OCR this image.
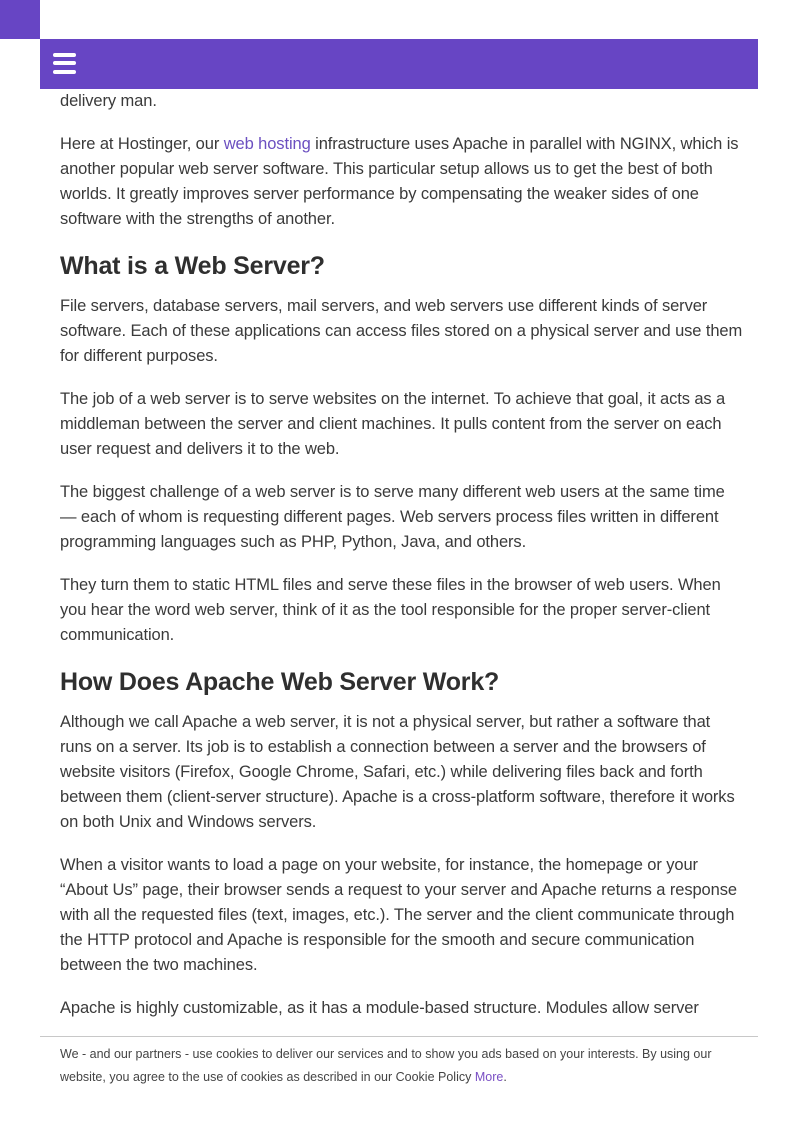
delivery man.

Here at Hostinger, our web hosting infrastructure uses Apache in parallel with NGINX, which is another popular web server software. This particular setup allows us to get the best of both worlds. It greatly improves server performance by compensating the weaker sides of one software with the strengths of another.

What is a Web Server?

File servers, database servers, mail servers, and web servers use different kinds of server software. Each of these applications can access files stored on a physical server and use them for different purposes.

The job of a web server is to serve websites on the internet. To achieve that goal, it acts as a middleman between the server and client machines. It pulls content from the server on each user request and delivers it to the web.

The biggest challenge of a web server is to serve many different web users at the same time — each of whom is requesting different pages. Web servers process files written in different programming languages such as PHP, Python, Java, and others.

They turn them to static HTML files and serve these files in the browser of web users. When you hear the word web server, think of it as the tool responsible for the proper server-client communication.

How Does Apache Web Server Work?

Although we call Apache a web server, it is not a physical server, but rather a software that runs on a server. Its job is to establish a connection between a server and the browsers of website visitors (Firefox, Google Chrome, Safari, etc.) while delivering files back and forth between them (client-server structure). Apache is a cross-platform software, therefore it works on both Unix and Windows servers.

When a visitor wants to load a page on your website, for instance, the homepage or your “About Us” page, their browser sends a request to your server and Apache returns a response with all the requested files (text, images, etc.). The server and the client communicate through the HTTP protocol and Apache is responsible for the smooth and secure communication between the two machines.

Apache is highly customizable, as it has a module-based structure. Modules allow server

We - and our partners - use cookies to deliver our services and to show you ads based on your interests. By using our website, you agree to the use of cookies as described in our Cookie Policy More.
